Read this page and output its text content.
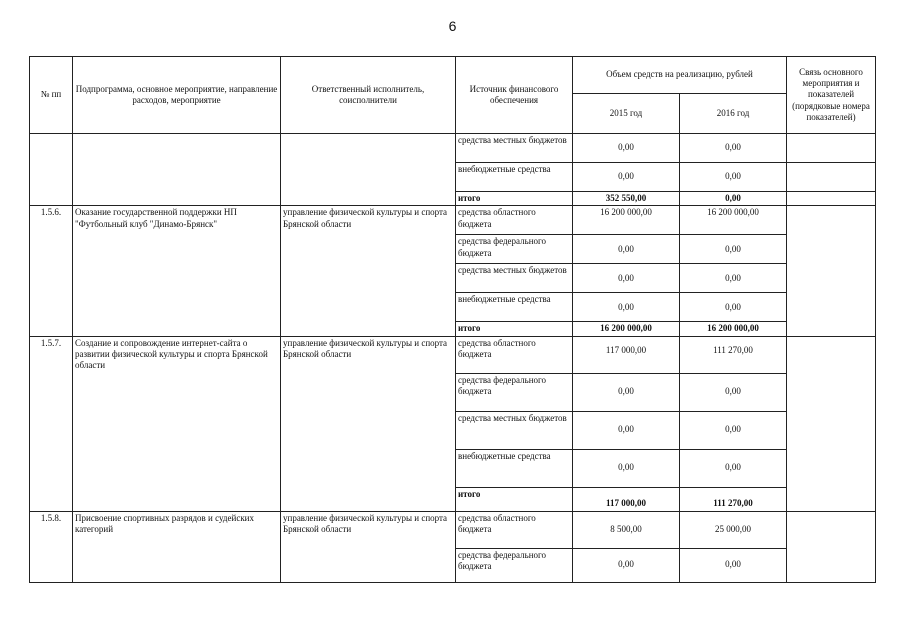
6
№ пп	Подпрограмма, основное мероприятие, направление расходов, мероприятие	Ответственный исполнитель, соисполнители	Источник финансового обеспечения	Объем средств на реализацию, рублей		Связь основного мероприятия и показателей (порядковые номера показателей)
				2015 год	2016 год	
			средства местных бюджетов	0,00	0,00	
			внебюджетные средства	0,00	0,00	
			итого	352 550,00	0,00	
1.5.6.	Оказание государственной поддержки НП "Футбольный клуб "Динамо-Брянск"	управление физической культуры и спорта Брянской области	средства областного бюджета	16 200 000,00	16 200 000,00	
			средства федерального бюджета	0,00	0,00	
			средства местных бюджетов	0,00	0,00	
			внебюджетные средства	0,00	0,00	
			итого	16 200 000,00	16 200 000,00	
1.5.7.	Создание и сопровождение интернет-сайта о развитии физической культуры и спорта Брянской области	управление физической культуры и спорта Брянской области	средства областного бюджета	117 000,00	111 270,00	
			средства федерального бюджета	0,00	0,00	
			средства местных бюджетов	0,00	0,00	
			внебюджетные средства	0,00	0,00	
			итого	117 000,00	111 270,00	
1.5.8.	Присвоение спортивных разрядов и судейских категорий	управление физической культуры и спорта Брянской области	средства областного бюджета	8 500,00	25 000,00	
			средства федерального бюджета	0,00	0,00	
